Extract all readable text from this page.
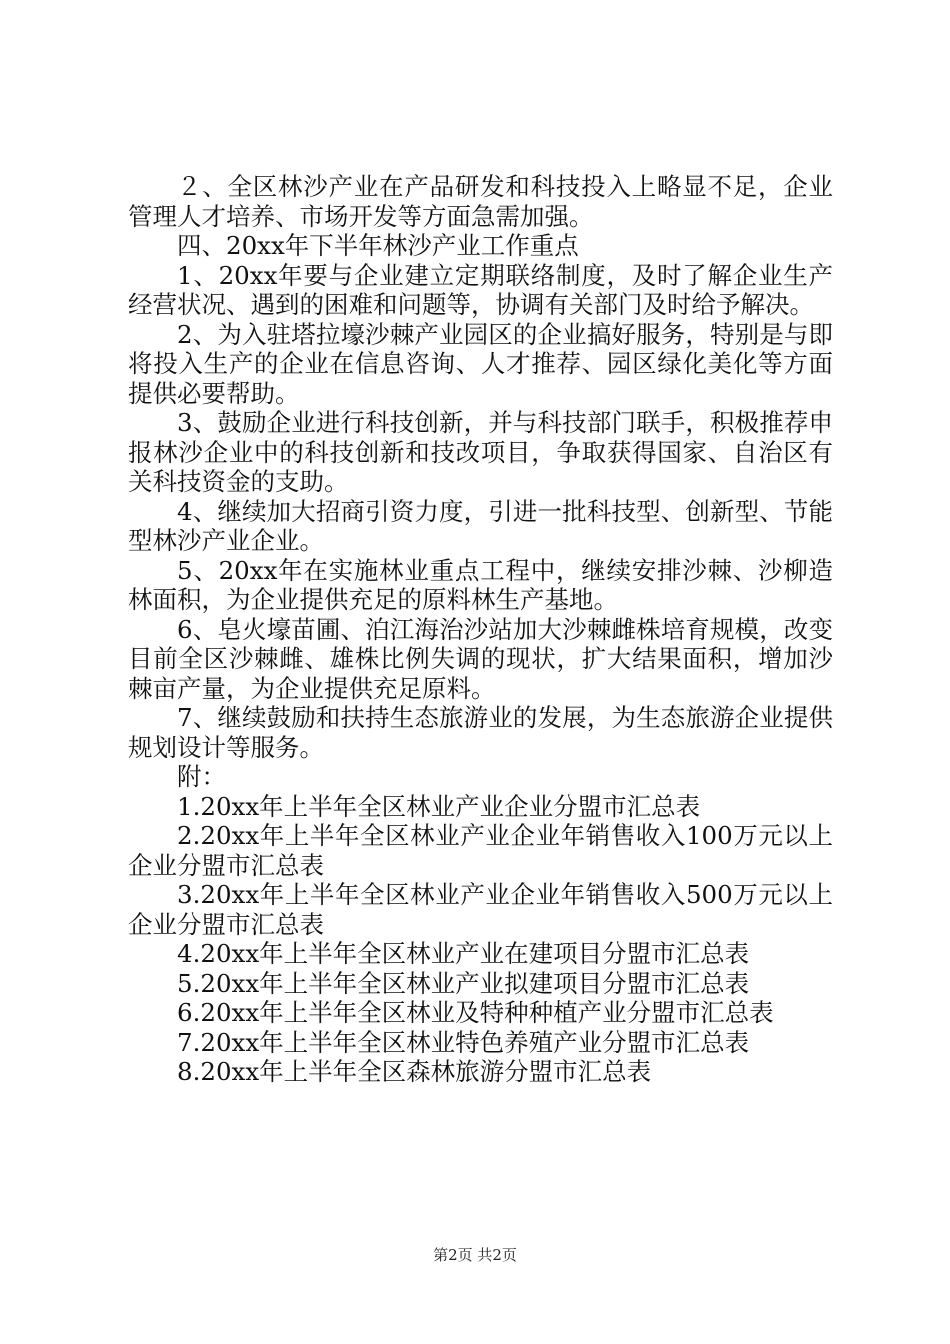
２、全区林沙产业在产品研发和科技投入上略显不足，企业管理人才培养、市场开发等方面急需加强。

四、20xx年下半年林沙产业工作重点

1、20xx年要与企业建立定期联络制度，及时了解企业生产经营状况、遇到的困难和问题等，协调有关部门及时给予解决。

2、为入驻塔拉壕沙棘产业园区的企业搞好服务，特别是与即将投入生产的企业在信息咨询、人才推荐、园区绿化美化等方面提供必要帮助。

3、鼓励企业进行科技创新，并与科技部门联手，积极推荐申报林沙企业中的科技创新和技改项目，争取获得国家、自治区有关科技资金的支助。

4、继续加大招商引资力度，引进一批科技型、创新型、节能型林沙产业企业。

5、20xx年在实施林业重点工程中，继续安排沙棘、沙柳造林面积，为企业提供充足的原料林生产基地。

6、皂火壕苗圃、泊江海治沙站加大沙棘雌株培育规模，改变目前全区沙棘雌、雄株比例失调的现状，扩大结果面积，增加沙棘亩产量，为企业提供充足原料。

7、继续鼓励和扶持生态旅游业的发展，为生态旅游企业提供规划设计等服务。

附：

1.20xx年上半年全区林业产业企业分盟市汇总表

2.20xx年上半年全区林业产业企业年销售收入100万元以上企业分盟市汇总表

3.20xx年上半年全区林业产业企业年销售收入500万元以上企业分盟市汇总表

4.20xx年上半年全区林业产业在建项目分盟市汇总表

5.20xx年上半年全区林业产业拟建项目分盟市汇总表

6.20xx年上半年全区林业及特种种植产业分盟市汇总表

7.20xx年上半年全区林业特色养殖产业分盟市汇总表

8.20xx年上半年全区森林旅游分盟市汇总表

第2页 共2页
